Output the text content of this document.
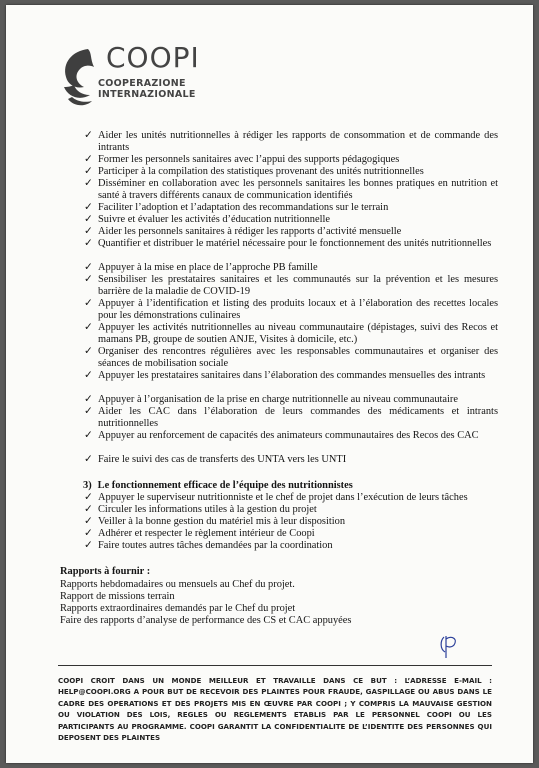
COOPI
COOPERAZIONE
INTERNAZIONALE
✓ Aider les unités nutritionnelles à rédiger les rapports de consommation et de commande des intrants
✓ Former les personnels sanitaires avec l’appui des supports pédagogiques
✓ Participer à la compilation des statistiques provenant des unités nutritionnelles
✓ Disséminer en collaboration avec les personnels sanitaires les bonnes pratiques en nutrition et santé à travers différents canaux de communication identifiés
✓ Faciliter l’adoption et l’adaptation des recommandations sur le terrain
✓ Suivre et évaluer les activités d’éducation nutritionnelle
✓ Aider les personnels sanitaires à rédiger les rapports d’activité mensuelle
✓ Quantifier et distribuer le matériel nécessaire pour le fonctionnement des unités nutritionnelles
✓ Appuyer à la mise en place de l’approche PB famille
✓ Sensibiliser les prestataires sanitaires et les communautés sur la prévention et les mesures barrière de la maladie de COVID-19
✓ Appuyer à l’identification et listing des produits locaux et à l’élaboration des recettes locales pour les démonstrations culinaires
✓ Appuyer les activités nutritionnelles au niveau communautaire (dépistages, suivi des Recos et mamans PB, groupe de soutien ANJE, Visites à domicile, etc.)
✓ Organiser des rencontres régulières avec les responsables communautaires et organiser des séances de mobilisation sociale
✓ Appuyer les prestataires sanitaires dans l’élaboration des commandes mensuelles des intrants
✓ Appuyer à l’organisation de la prise en charge nutritionnelle au niveau communautaire
✓ Aider les CAC dans l’élaboration de leurs commandes des médicaments et intrants nutritionnelles
✓ Appuyer au renforcement de capacités des animateurs communautaires des Recos des CAC
✓ Faire le suivi des cas de transferts des UNTA vers les UNTI
3) Le fonctionnement efficace de l’équipe des nutritionnistes
✓ Appuyer le superviseur nutritionniste et le chef de projet dans l’exécution de leurs tâches
✓ Circuler les informations utiles à la gestion du projet
✓ Veiller à la bonne gestion du matériel mis à leur disposition
✓ Adhérer et respecter le règlement intérieur de Coopi
✓ Faire toutes autres tâches demandées par la coordination
Rapports à fournir :
Rapports hebdomadaires ou mensuels au Chef du projet.
Rapport de missions terrain
Rapports extraordinaires demandés par le Chef du projet
Faire des rapports d’analyse de performance des CS et CAC appuyées
COOPI CROIT DANS UN MONDE MEILLEUR ET TRAVAILLE DANS CE BUT : L’ADRESSE E-MAIL : HELP@COOPI.ORG A POUR BUT DE RECEVOIR DES PLAINTES POUR FRAUDE, GASPILLAGE OU ABUS DANS LE CADRE DES OPERATIONS ET DES PROJETS MIS EN ŒUVRE PAR COOPI ; Y COMPRIS LA MAUVAISE GESTION OU VIOLATION DES LOIS, REGLES OU REGLEMENTS ETABLIS PAR LE PERSONNEL COOPI OU LES PARTICIPANTS AU PROGRAMME. COOPI GARANTIT LA CONFIDENTIALITE DE L’IDENTITE DES PERSONNES QUI DEPOSENT DES PLAINTES
